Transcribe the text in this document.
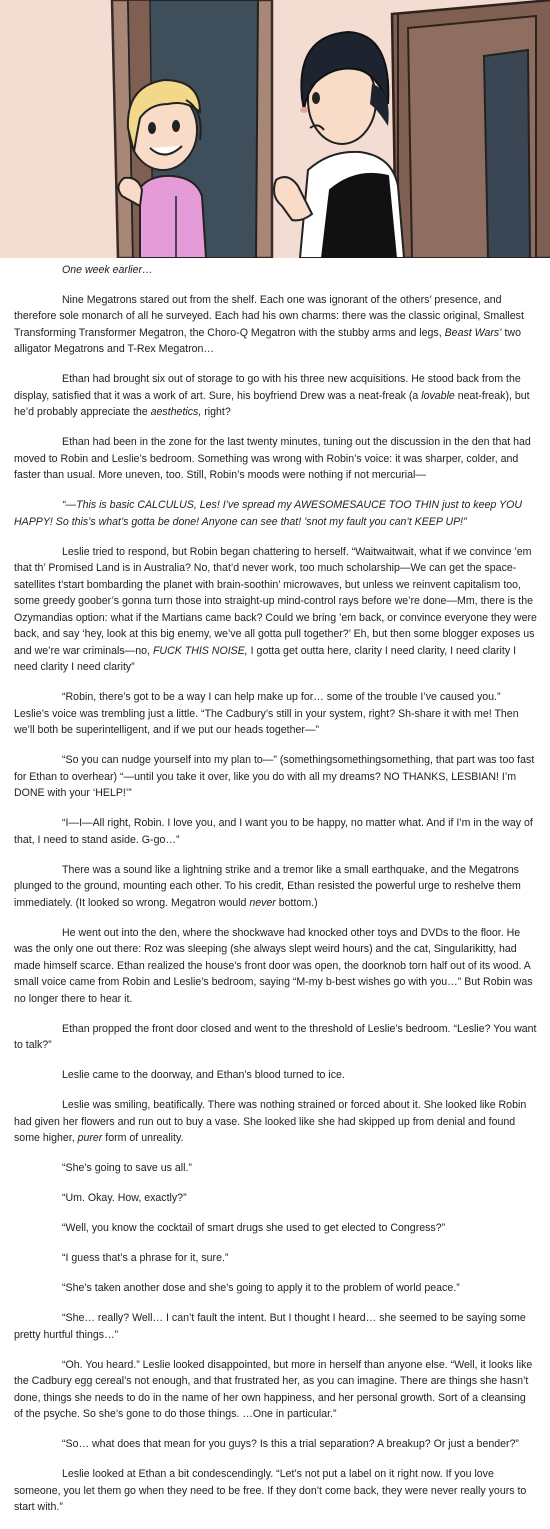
One week earlier…

Nine Megatrons stared out from the shelf. Each one was ignorant of the others’ presence, and therefore sole monarch of all he surveyed. Each had his own charms: there was the classic original, Smallest Transforming Transformer Megatron, the Choro-Q Megatron with the stubby arms and legs, Beast Wars’ two alligator Megatrons and T-Rex Megatron…

Ethan had brought six out of storage to go with his three new acquisitions. He stood back from the display, satisfied that it was a work of art. Sure, his boyfriend Drew was a neat-freak (a lovable neat-freak), but he’d probably appreciate the aesthetics, right?

Ethan had been in the zone for the last twenty minutes, tuning out the discussion in the den that had moved to Robin and Leslie’s bedroom. Something was wrong with Robin’s voice: it was sharper, colder, and faster than usual. More uneven, too. Still, Robin’s moods were nothing if not mercurial—

“—This is basic CALCULUS, Les! I’ve spread my AWESOMESAUCE TOO THIN just to keep YOU HAPPY! So this’s what’s gotta be done! Anyone can see that! ’snot my fault you can’t KEEP UP!”

Leslie tried to respond, but Robin began chattering to herself. “Waitwaitwait, what if we convince ’em that th’ Promised Land is in Australia? No, that’d never work, too much scholarship—We can get the space-satellites t’start bombarding the planet with brain-soothin’ microwaves, but unless we reinvent capitalism too, some greedy goober’s gonna turn those into straight-up mind-control rays before we’re done—Mm, there is the Ozymandias option: what if the Martians came back? Could we bring ’em back, or convince everyone they were back, and say ‘hey, look at this big enemy, we’ve all gotta pull together?’ Eh, but then some blogger exposes us and we’re war criminals—no, FUCK THIS NOISE, I gotta get outta here, clarity I need clarity, I need clarity I need clarity I need clarity”

“Robin, there’s got to be a way I can help make up for… some of the trouble I’ve caused you.” Leslie’s voice was trembling just a little. “The Cadbury’s still in your system, right? Sh-share it with me! Then we’ll both be superintelligent, and if we put our heads together—”

“So you can nudge yourself into my plan to—” (somethingsomethingsomething, that part was too fast for Ethan to overhear) “—until you take it over, like you do with all my dreams? NO THANKS, LESBIAN! I’m DONE with your ‘HELP!’”

“I—I—All right, Robin. I love you, and I want you to be happy, no matter what. And if I’m in the way of that, I need to stand aside. G-go…”

There was a sound like a lightning strike and a tremor like a small earthquake, and the Megatrons plunged to the ground, mounting each other. To his credit, Ethan resisted the powerful urge to reshelve them immediately. (It looked so wrong. Megatron would never bottom.)

He went out into the den, where the shockwave had knocked other toys and DVDs to the floor. He was the only one out there: Roz was sleeping (she always slept weird hours) and the cat, Singularikitty, had made himself scarce. Ethan realized the house’s front door was open, the doorknob torn half out of its wood. A small voice came from Robin and Leslie’s bedroom, saying “M-my b-best wishes go with you…” But Robin was no longer there to hear it.

Ethan propped the front door closed and went to the threshold of Leslie’s bedroom. “Leslie? You want to talk?”

Leslie came to the doorway, and Ethan’s blood turned to ice.

Leslie was smiling, beatifically. There was nothing strained or forced about it. She looked like Robin had given her flowers and run out to buy a vase. She looked like she had skipped up from denial and found some higher, purer form of unreality.

“She’s going to save us all.”

“Um. Okay. How, exactly?”

“Well, you know the cocktail of smart drugs she used to get elected to Congress?”

“I guess that’s a phrase for it, sure.”

“She’s taken another dose and she’s going to apply it to the problem of world peace.”

“She… really? Well… I can’t fault the intent. But I thought I heard… she seemed to be saying some pretty hurtful things…”

“Oh. You heard.” Leslie looked disappointed, but more in herself than anyone else. “Well, it looks like the Cadbury egg cereal’s not enough, and that frustrated her, as you can imagine. There are things she hasn’t done, things she needs to do in the name of her own happiness, and her personal growth. Sort of a cleansing of the psyche. So she’s gone to do those things. …One in particular.”

“So… what does that mean for you guys? Is this a trial separation? A breakup? Or just a bender?”

Leslie looked at Ethan a bit condescendingly. “Let’s not put a label on it right now. If you love someone, you let them go when they need to be free. If they don’t come back, they were never really yours to start with.”
